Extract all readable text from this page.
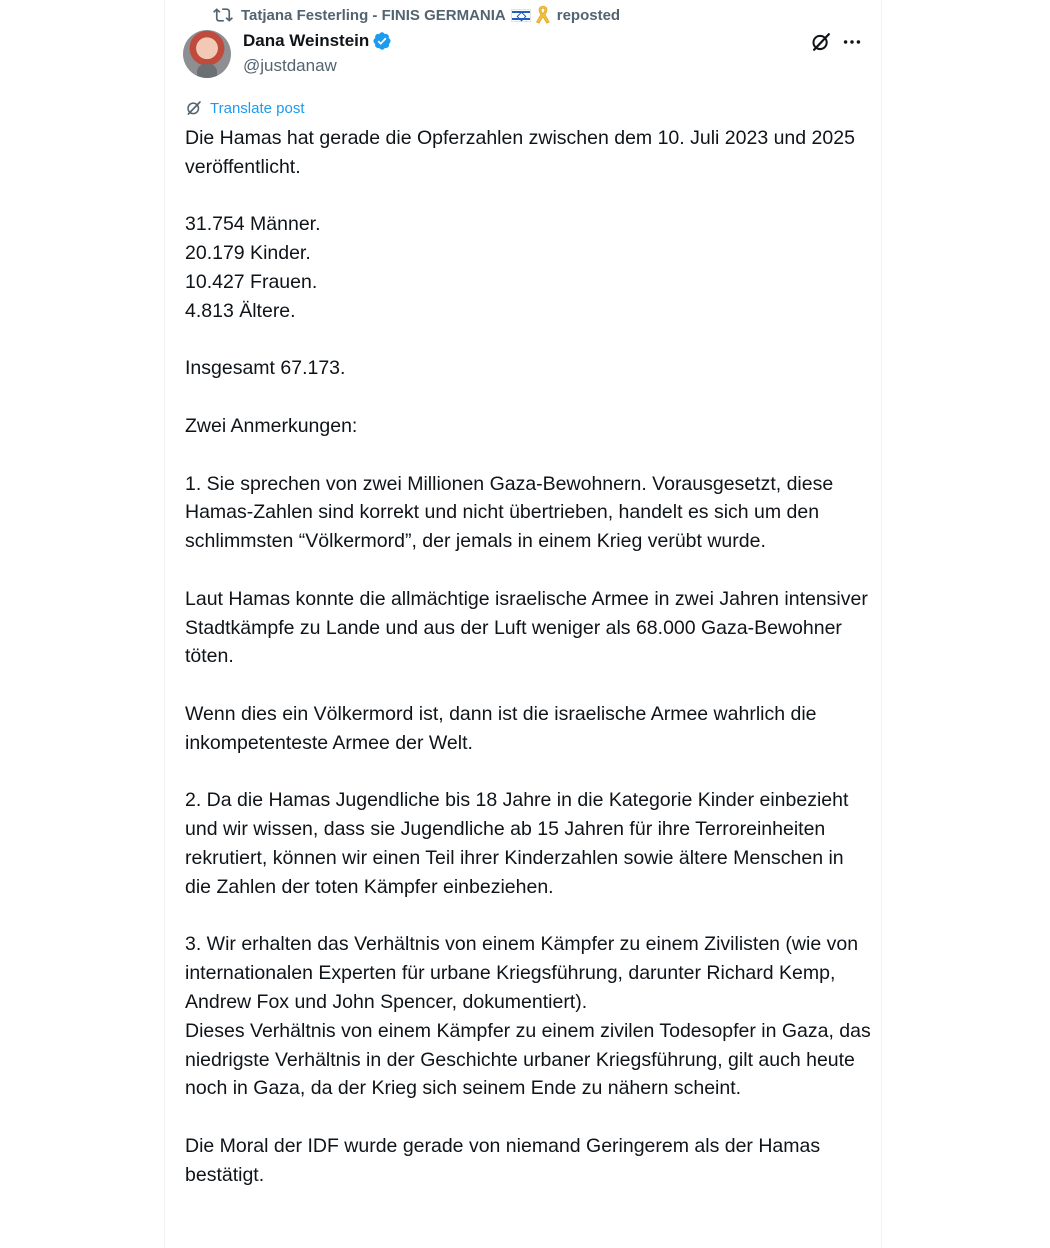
Tatjana Festerling - FINIS GERMANIA	reposted
Dana Weinstein
@justdanaw
Translate post
Die Hamas hat gerade die Opferzahlen zwischen dem 10. Juli 2023 und 2025 veröffentlicht.

31.754 Männer.
20.179 Kinder.
10.427 Frauen.
4.813 Ältere.

Insgesamt 67.173.

Zwei Anmerkungen:

1. Sie sprechen von zwei Millionen Gaza-Bewohnern. Vorausgesetzt, diese Hamas-Zahlen sind korrekt und nicht übertrieben, handelt es sich um den schlimmsten “Völkermord”, der jemals in einem Krieg verübt wurde.

Laut Hamas konnte die allmächtige israelische Armee in zwei Jahren intensiver Stadtkämpfe zu Lande und aus der Luft weniger als 68.000 Gaza-Bewohner töten.

Wenn dies ein Völkermord ist, dann ist die israelische Armee wahrlich die inkompetenteste Armee der Welt.

2. Da die Hamas Jugendliche bis 18 Jahre in die Kategorie Kinder einbezieht und wir wissen, dass sie Jugendliche ab 15 Jahren für ihre Terroreinheiten rekrutiert, können wir einen Teil ihrer Kinderzahlen sowie ältere Menschen in die Zahlen der toten Kämpfer einbeziehen.

3. Wir erhalten das Verhältnis von einem Kämpfer zu einem Zivilisten (wie von internationalen Experten für urbane Kriegsführung, darunter Richard Kemp, Andrew Fox und John Spencer, dokumentiert).
Dieses Verhältnis von einem Kämpfer zu einem zivilen Todesopfer in Gaza, das niedrigste Verhältnis in der Geschichte urbaner Kriegsführung, gilt auch heute noch in Gaza, da der Krieg sich seinem Ende zu nähern scheint.

Die Moral der IDF wurde gerade von niemand Geringerem als der Hamas bestätigt.
